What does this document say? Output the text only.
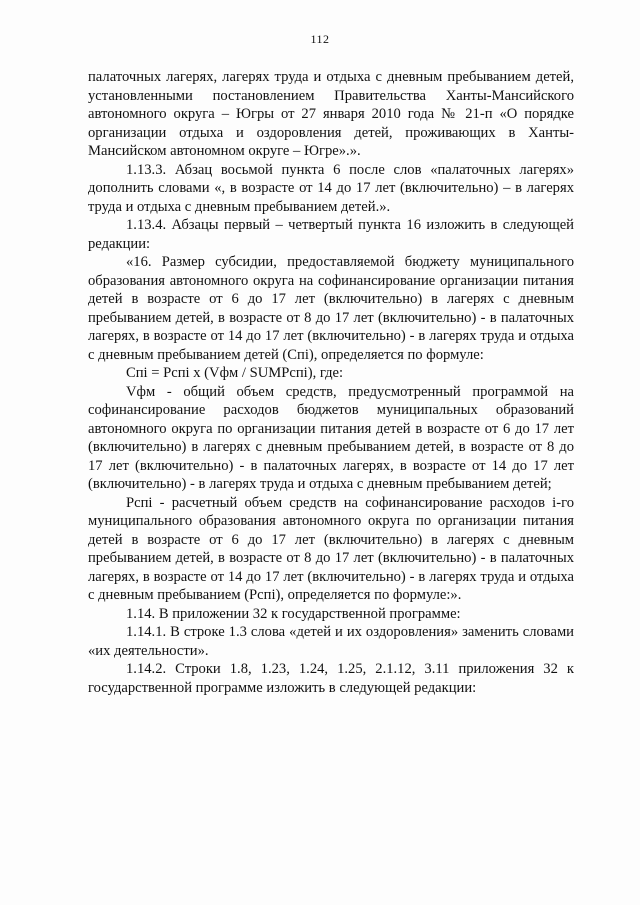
112

палаточных лагерях, лагерях труда и отдыха с дневным пребыванием детей, установленными постановлением Правительства Ханты-Мансийского автономного округа – Югры от 27 января 2010 года № 21-п «О порядке организации отдыха и оздоровления детей, проживающих в Ханты-Мансийском автономном округе – Югре».».

1.13.3. Абзац восьмой пункта 6 после слов «палаточных лагерях» дополнить словами «, в возрасте от 14 до 17 лет (включительно) – в лагерях труда и отдыха с дневным пребыванием детей.».

1.13.4. Абзацы первый – четвертый пункта 16 изложить в следующей редакции:

«16. Размер субсидии, предоставляемой бюджету муниципального образования автономного округа на софинансирование организации питания детей в возрасте от 6 до 17 лет (включительно) в лагерях с дневным пребыванием детей, в возрасте от 8 до 17 лет (включительно) - в палаточных лагерях, в возрасте от 14 до 17 лет (включительно) - в лагерях труда и отдыха с дневным пребыванием детей (Спі), определяется по формуле:

Спі = Рспі х (Vфм / SUMРспі), где:

Vфм - общий объем средств, предусмотренный программой на софинансирование расходов бюджетов муниципальных образований автономного округа по организации питания детей в возрасте от 6 до 17 лет (включительно) в лагерях с дневным пребыванием детей, в возрасте от 8 до 17 лет (включительно) - в палаточных лагерях, в возрасте от 14 до 17 лет (включительно) - в лагерях труда и отдыха с дневным пребыванием детей;

Рспі - расчетный объем средств на софинансирование расходов і-го муниципального образования автономного округа по организации питания детей в возрасте от 6 до 17 лет (включительно) в лагерях с дневным пребыванием детей, в возрасте от 8 до 17 лет (включительно) - в палаточных лагерях, в возрасте от 14 до 17 лет (включительно) - в лагерях труда и отдыха с дневным пребыванием (Рспі), определяется по формуле:».

1.14. В приложении 32 к государственной программе:

1.14.1. В строке 1.3 слова «детей и их оздоровления» заменить словами «их деятельности».

1.14.2. Строки 1.8, 1.23, 1.24, 1.25, 2.1.12, 3.11 приложения 32 к государственной программе изложить в следующей редакции:
